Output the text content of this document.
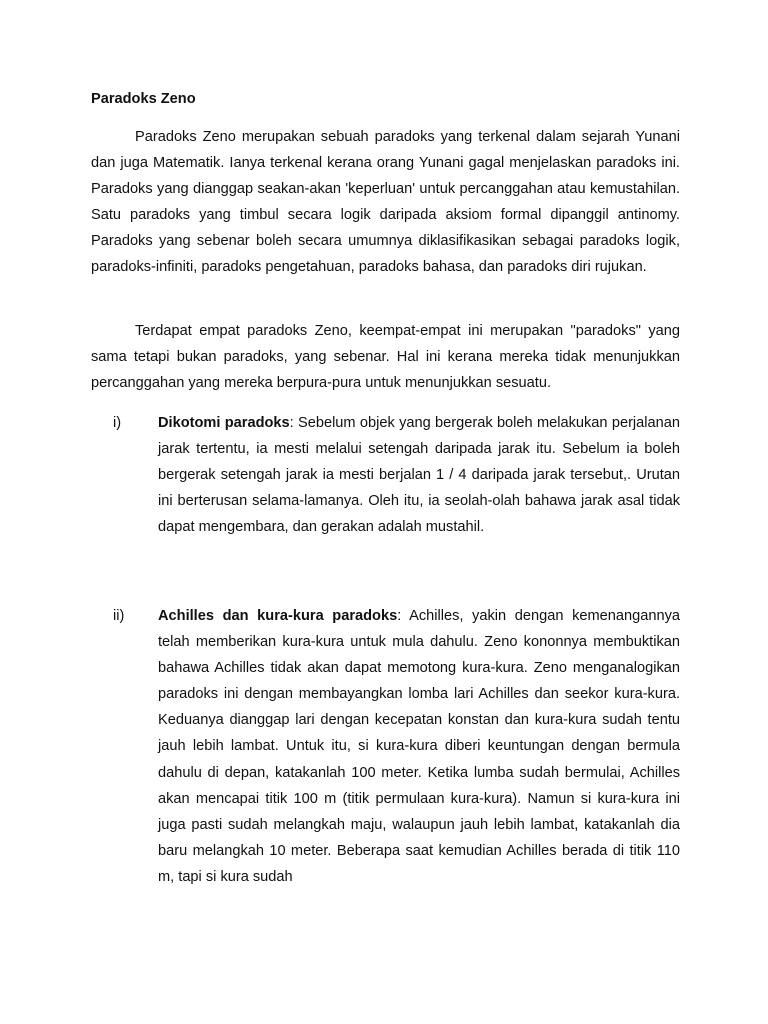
Paradoks Zeno

Paradoks Zeno merupakan sebuah paradoks yang terkenal dalam sejarah Yunani dan juga Matematik. Ianya terkenal kerana orang Yunani gagal menjelaskan paradoks ini. Paradoks yang dianggap seakan-akan 'keperluan' untuk percanggahan atau kemustahilan. Satu paradoks yang timbul secara logik daripada aksiom formal dipanggil antinomy. Paradoks yang sebenar boleh secara umumnya diklasifikasikan sebagai paradoks logik, paradoks-infiniti, paradoks pengetahuan, paradoks bahasa, dan paradoks diri rujukan.

Terdapat empat paradoks Zeno, keempat-empat ini merupakan "paradoks" yang sama tetapi bukan paradoks, yang sebenar. Hal ini kerana mereka tidak menunjukkan percanggahan yang mereka berpura-pura untuk menunjukkan sesuatu.

i)	Dikotomi paradoks: Sebelum objek yang bergerak boleh melakukan perjalanan jarak tertentu, ia mesti melalui setengah daripada jarak itu. Sebelum ia boleh bergerak setengah jarak ia mesti berjalan 1 / 4 daripada jarak tersebut,. Urutan ini berterusan selama-lamanya. Oleh itu, ia seolah-olah bahawa jarak asal tidak dapat mengembara, dan gerakan adalah mustahil.

ii) Achilles dan kura-kura paradoks: Achilles, yakin dengan kemenangannya telah memberikan kura-kura untuk mula dahulu. Zeno kononnya membuktikan bahawa Achilles tidak akan dapat memotong kura-kura. Zeno menganalogikan paradoks ini dengan membayangkan lomba lari Achilles dan seekor kura-kura. Keduanya dianggap lari dengan kecepatan konstan dan kura-kura sudah tentu jauh lebih lambat. Untuk itu, si kura-kura diberi keuntungan dengan bermula dahulu di depan, katakanlah 100 meter. Ketika lumba sudah bermulai, Achilles akan mencapai titik 100 m (titik permulaan kura-kura). Namun si kura-kura ini juga pasti sudah melangkah maju, walaupun jauh lebih lambat, katakanlah dia baru melangkah 10 meter. Beberapa saat kemudian Achilles berada di titik 110 m, tapi si kura sudah
